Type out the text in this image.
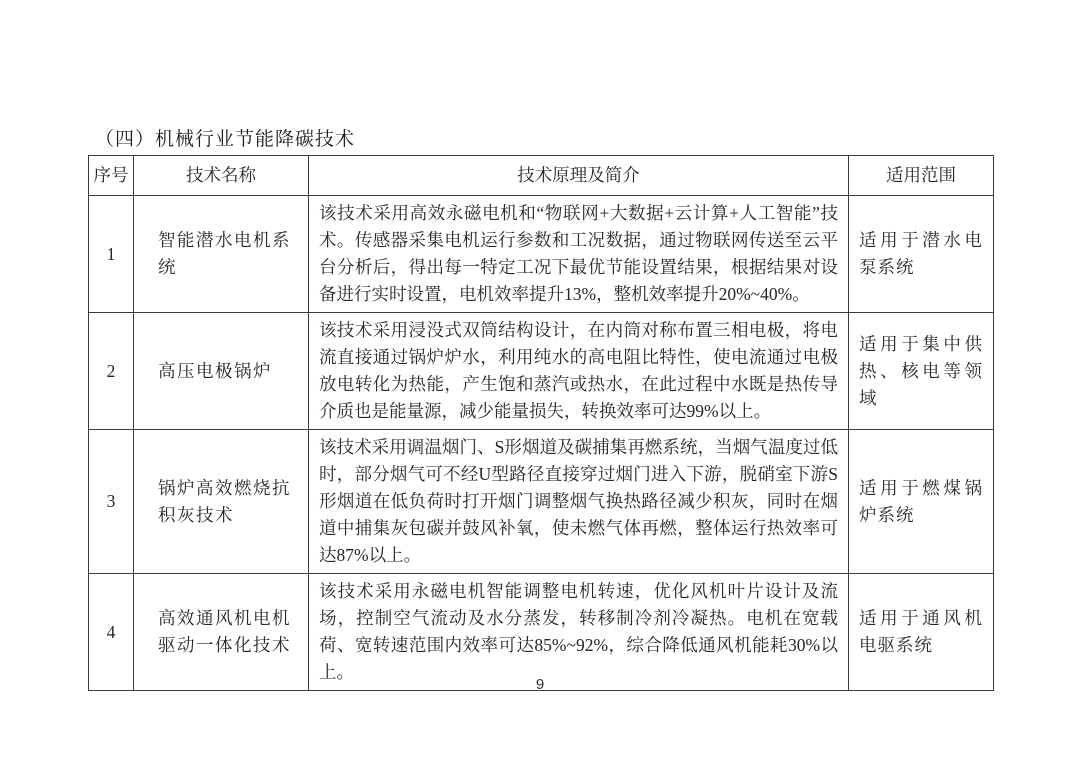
（四）机械行业节能降碳技术
序号	技术名称	技术原理及简介	适用范围
1	智能潜水电机系统	该技术采用高效永磁电机和“物联网+大数据+云计算+人工智能”技术。传感器采集电机运行参数和工况数据，通过物联网传送至云平台分析后，得出每一特定工况下最优节能设置结果，根据结果对设备进行实时设置，电机效率提升13%，整机效率提升20%~40%。	适用于潜水电泵系统
2	高压电极锅炉	该技术采用浸没式双筒结构设计，在内筒对称布置三相电极，将电流直接通过锅炉炉水，利用纯水的高电阻比特性，使电流通过电极放电转化为热能，产生饱和蒸汽或热水，在此过程中水既是热传导介质也是能量源，减少能量损失，转换效率可达99%以上。	适用于集中供热、核电等领域
3	锅炉高效燃烧抗积灰技术	该技术采用调温烟门、S形烟道及碳捕集再燃系统，当烟气温度过低时，部分烟气可不经U型路径直接穿过烟门进入下游，脱硝室下游S形烟道在低负荷时打开烟门调整烟气换热路径减少积灰，同时在烟道中捕集灰包碳并鼓风补氧，使未燃气体再燃，整体运行热效率可达87%以上。	适用于燃煤锅炉系统
4	高效通风机电机驱动一体化技术	该技术采用永磁电机智能调整电机转速，优化风机叶片设计及流场，控制空气流动及水分蒸发，转移制冷剂冷凝热。电机在宽载荷、宽转速范围内效率可达85%~92%，综合降低通风机能耗30%以上。	适用于通风机电驱系统
9
